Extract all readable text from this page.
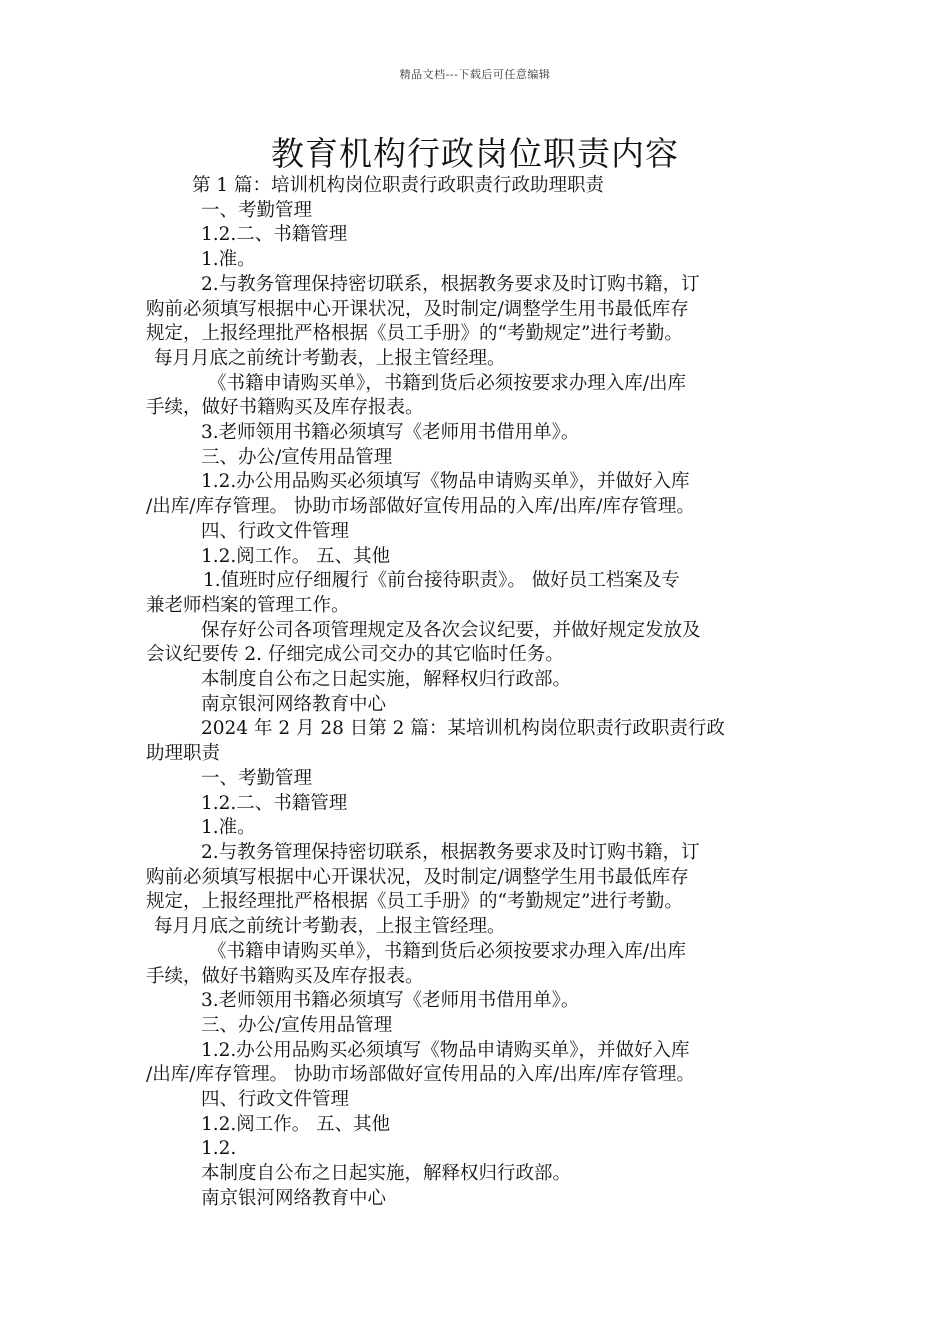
精品文档---下载后可任意编辑
教育机构行政岗位职责内容

第 1 篇：培训机构岗位职责行政职责行政助理职责

一、考勤管理

1.2.二、书籍管理

1.准。

2.与教务管理保持密切联系，根据教务要求及时订购书籍，订

购前必须填写根据中心开课状况，及时制定/调整学生用书最低库存

规定，上报经理批严格根据《员工手册》的“考勤规定”进行考勤。

每月月底之前统计考勤表，上报主管经理。

《书籍申请购买单》，书籍到货后必须按要求办理入库/出库

手续，做好书籍购买及库存报表。

3.老师领用书籍必须填写《老师用书借用单》。

三、办公/宣传用品管理

1.2.办公用品购买必须填写《物品申请购买单》，并做好入库

/出库/库存管理。 协助市场部做好宣传用品的入库/出库/库存管理。

四、行政文件管理

1.2.阅工作。 五、其他

1.值班时应仔细履行《前台接待职责》。 做好员工档案及专

兼老师档案的管理工作。

保存好公司各项管理规定及各次会议纪要，并做好规定发放及

会议纪要传 2. 仔细完成公司交办的其它临时任务。

本制度自公布之日起实施，解释权归行政部。

南京银河网络教育中心

2024 年 2 月 28 日第 2 篇：某培训机构岗位职责行政职责行政

助理职责

一、考勤管理

1.2.二、书籍管理

1.准。

2.与教务管理保持密切联系，根据教务要求及时订购书籍，订

购前必须填写根据中心开课状况，及时制定/调整学生用书最低库存

规定，上报经理批严格根据《员工手册》的“考勤规定”进行考勤。

每月月底之前统计考勤表，上报主管经理。

《书籍申请购买单》，书籍到货后必须按要求办理入库/出库

手续，做好书籍购买及库存报表。

3.老师领用书籍必须填写《老师用书借用单》。

三、办公/宣传用品管理

1.2.办公用品购买必须填写《物品申请购买单》，并做好入库

/出库/库存管理。 协助市场部做好宣传用品的入库/出库/库存管理。

四、行政文件管理

1.2.阅工作。 五、其他

1.2.

本制度自公布之日起实施，解释权归行政部。

南京银河网络教育中心
